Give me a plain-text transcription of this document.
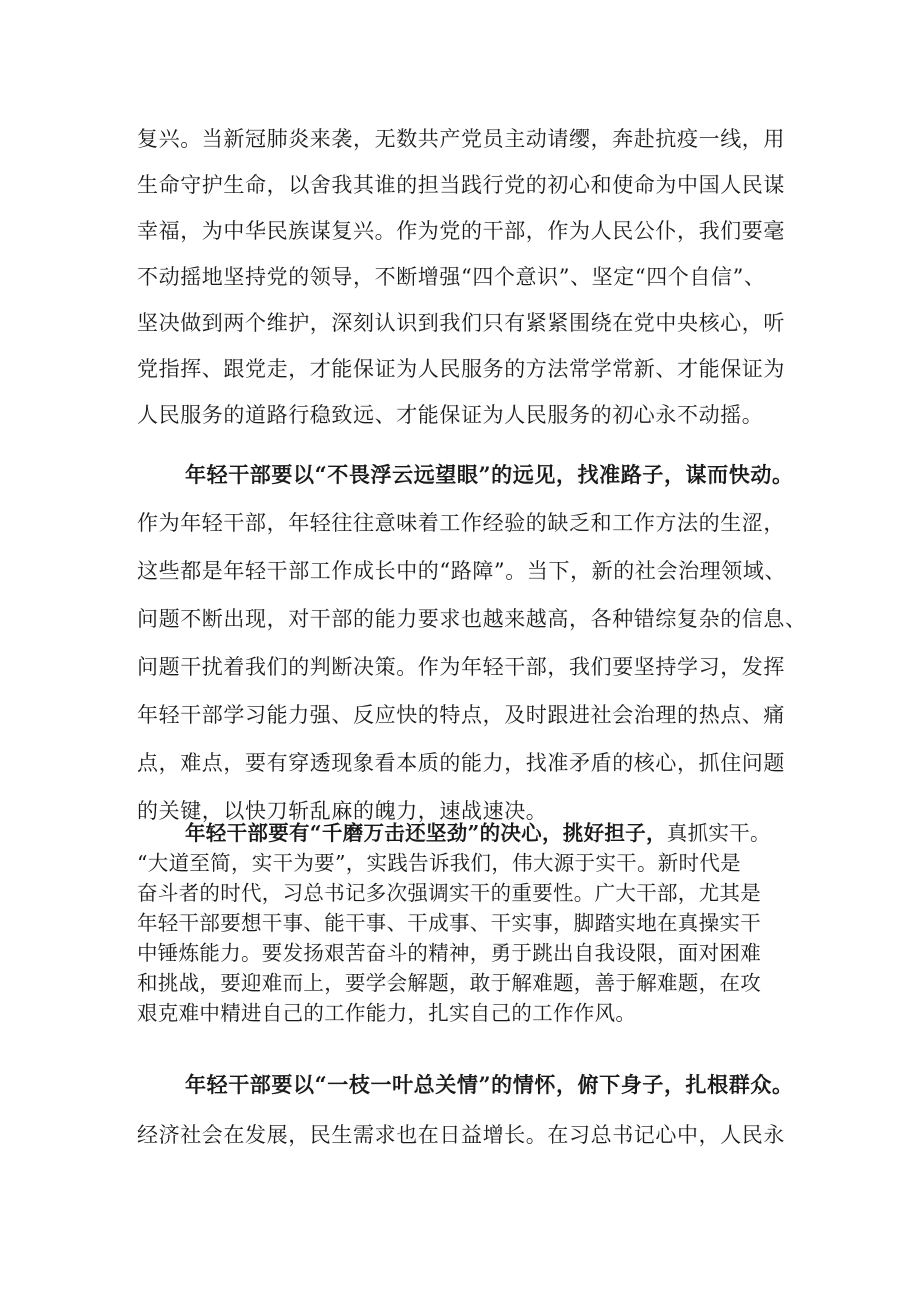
复兴。当新冠肺炎来袭，无数共产党员主动请缨，奔赴抗疫一线，用
生命守护生命，以舍我其谁的担当践行党的初心和使命为中国人民谋
幸福，为中华民族谋复兴。作为党的干部，作为人民公仆，我们要毫
不动摇地坚持党的领导，不断增强“四个意识”、坚定“四个自信”、
坚决做到两个维护，深刻认识到我们只有紧紧围绕在党中央核心，听
党指挥、跟党走，才能保证为人民服务的方法常学常新、才能保证为
人民服务的道路行稳致远、才能保证为人民服务的初心永不动摇。
年轻干部要以“不畏浮云远望眼”的远见，找准路子，谋而快动。
作为年轻干部，年轻往往意味着工作经验的缺乏和工作方法的生涩，
这些都是年轻干部工作成长中的“路障”。当下，新的社会治理领域、
问题不断出现，对干部的能力要求也越来越高，各种错综复杂的信息、
问题干扰着我们的判断决策。作为年轻干部，我们要坚持学习，发挥
年轻干部学习能力强、反应快的特点，及时跟进社会治理的热点、痛
点，难点，要有穿透现象看本质的能力，找准矛盾的核心，抓住问题
的关键，以快刀斩乱麻的魄力，速战速决。
年轻干部要有“千磨万击还坚劲”的决心，挑好担子，真抓实干。
“大道至简，实干为要”，实践告诉我们，伟大源于实干。新时代是
奋斗者的时代，习总书记多次强调实干的重要性。广大干部，尤其是
年轻干部要想干事、能干事、干成事、干实事，脚踏实地在真操实干
中锤炼能力。要发扬艰苦奋斗的精神，勇于跳出自我设限，面对困难
和挑战，要迎难而上，要学会解题，敢于解难题，善于解难题，在攻
艰克难中精进自己的工作能力，扎实自己的工作作风。
年轻干部要以“一枝一叶总关情”的情怀，俯下身子，扎根群众。
经济社会在发展，民生需求也在日益增长。在习总书记心中，人民永
